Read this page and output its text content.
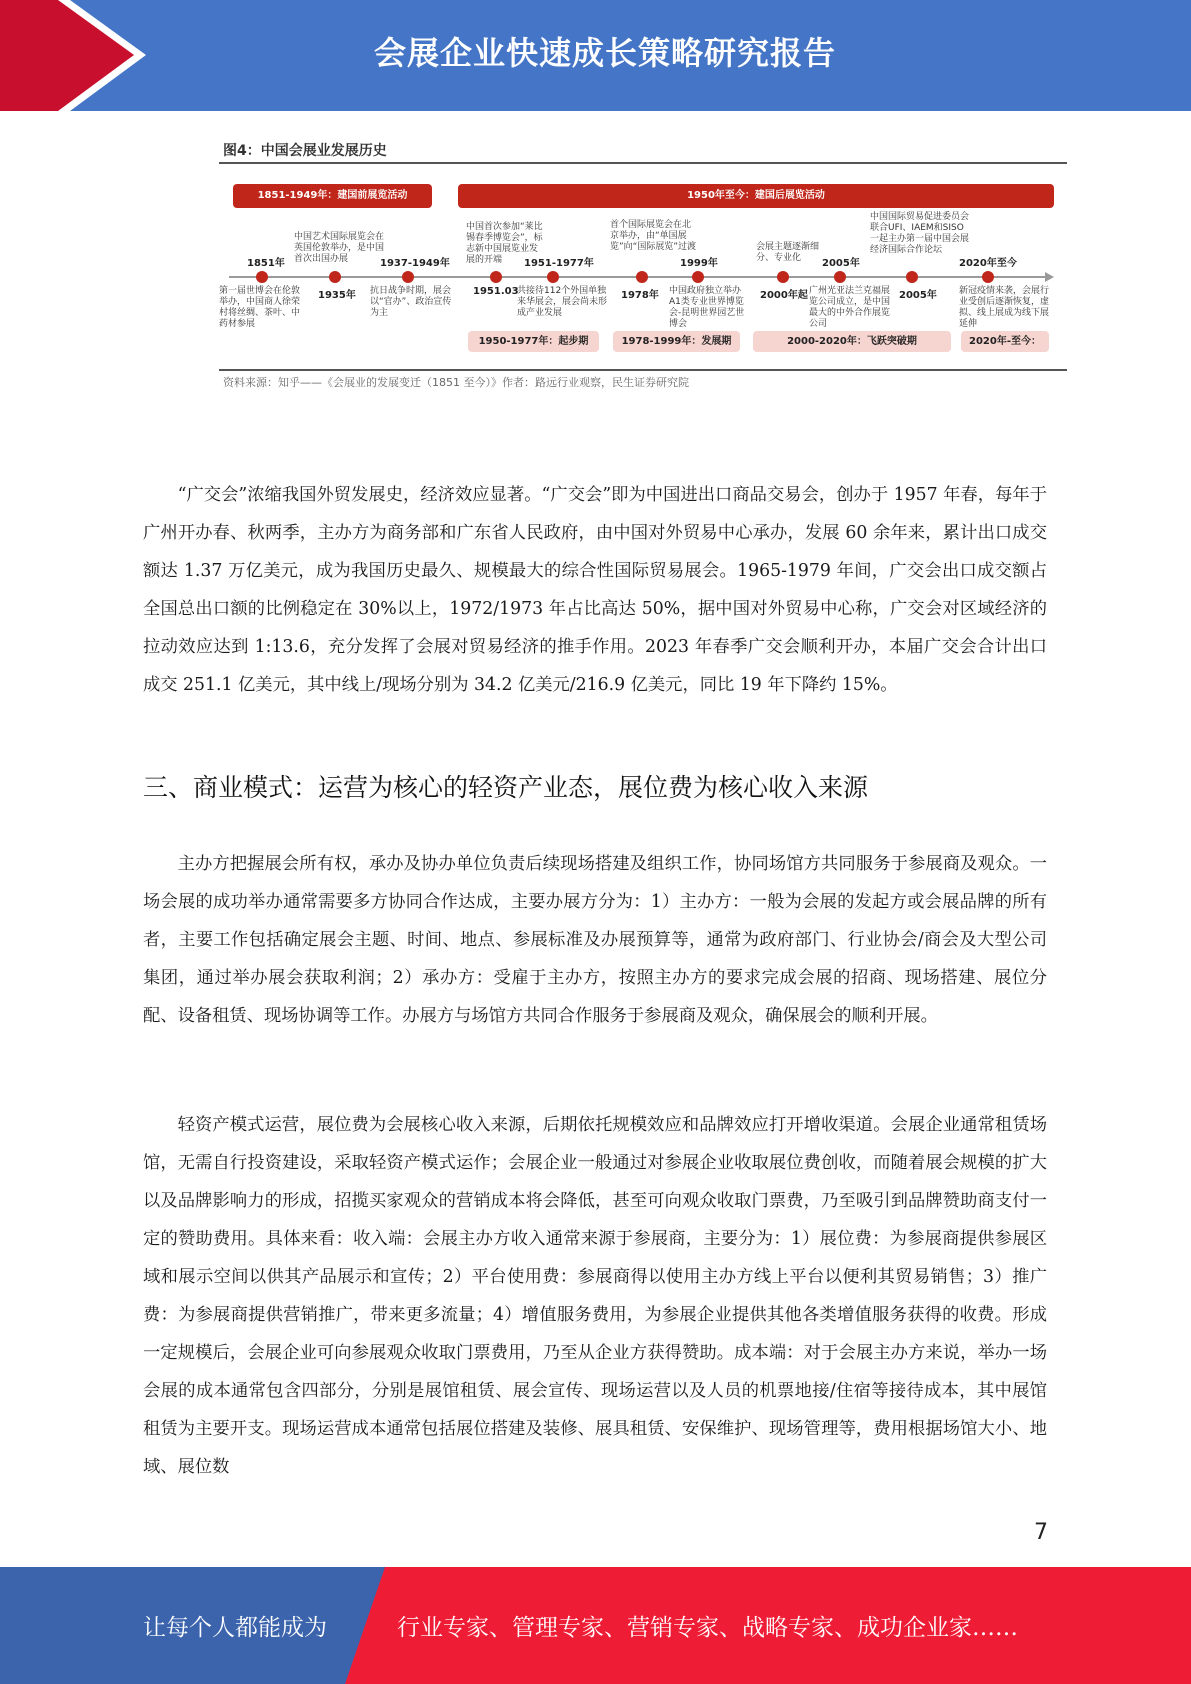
会展企业快速成长策略研究报告
图4：中国会展业发展历史
1851-1949年：建国前展览活动	1950年至今：建国后展览活动
1851年
1935年
1937-1949年
1951.03
1951-1977年
1978年
1999年
2000年起
2005年
2005年
2020年至今
第一届世博会在伦敦举办，中国商人徐荣村将丝绸、茶叶、中药材参展
中国艺术国际展览会在英国伦敦举办，是中国首次出国办展
抗日战争时期，展会以“官办”、政治宣传为主
中国首次参加“莱比锡春季博览会”，标志新中国展览业发展的开端
共接待112个外国单独来华展会，展会尚未形成产业发展
首个国际展览会在北京举办，由“单国展览”向“国际展览”过渡
中国政府独立举办A1类专业世界博览会-昆明世界园艺世博会
会展主题逐渐细分、专业化
广州光亚法兰克福展览公司成立，是中国最大的中外合作展览公司
中国国际贸易促进委员会联合UFI、IAEM和SISO一起主办第一届中国会展经济国际合作论坛
新冠疫情来袭，会展行业受创后逐渐恢复，虚拟、线上展成为线下展延伸
1950-1977年：起步期	1978-1999年：发展期	2000-2020年：飞跃突破期	2020年-至今：
资料来源：知乎——《会展业的发展变迁（1851 至今）》作者：路远行业观察，民生证券研究院

“广交会”浓缩我国外贸发展史，经济效应显著。“广交会”即为中国进出口商品交易会，创办于 1957 年春，每年于广州开办春、秋两季，主办方为商务部和广东省人民政府，由中国对外贸易中心承办，发展 60 余年来，累计出口成交额达 1.37 万亿美元，成为我国历史最久、规模最大的综合性国际贸易展会。1965-1979 年间，广交会出口成交额占全国总出口额的比例稳定在 30%以上，1972/1973 年占比高达 50%，据中国对外贸易中心称，广交会对区域经济的拉动效应达到 1:13.6，充分发挥了会展对贸易经济的推手作用。2023 年春季广交会顺利开办，本届广交会合计出口成交 251.1 亿美元，其中线上/现场分别为 34.2 亿美元/216.9 亿美元，同比 19 年下降约 15%。

三、商业模式：运营为核心的轻资产业态，展位费为核心收入来源

主办方把握展会所有权，承办及协办单位负责后续现场搭建及组织工作，协同场馆方共同服务于参展商及观众。一场会展的成功举办通常需要多方协同合作达成，主要办展方分为：1）主办方：一般为会展的发起方或会展品牌的所有者，主要工作包括确定展会主题、时间、地点、参展标准及办展预算等，通常为政府部门、行业协会/商会及大型公司集团，通过举办展会获取利润；2）承办方：受雇于主办方，按照主办方的要求完成会展的招商、现场搭建、展位分配、设备租赁、现场协调等工作。办展方与场馆方共同合作服务于参展商及观众，确保展会的顺利开展。

轻资产模式运营，展位费为会展核心收入来源，后期依托规模效应和品牌效应打开增收渠道。会展企业通常租赁场馆，无需自行投资建设，采取轻资产模式运作；会展企业一般通过对参展企业收取展位费创收，而随着展会规模的扩大以及品牌影响力的形成，招揽买家观众的营销成本将会降低，甚至可向观众收取门票费，乃至吸引到品牌赞助商支付一定的赞助费用。具体来看：收入端：会展主办方收入通常来源于参展商，主要分为：1）展位费：为参展商提供参展区域和展示空间以供其产品展示和宣传；2）平台使用费：参展商得以使用主办方线上平台以便利其贸易销售；3）推广费：为参展商提供营销推广，带来更多流量；4）增值服务费用，为参展企业提供其他各类增值服务获得的收费。形成一定规模后，会展企业可向参展观众收取门票费用，乃至从企业方获得赞助。成本端：对于会展主办方来说，举办一场会展的成本通常包含四部分，分别是展馆租赁、展会宣传、现场运营以及人员的机票地接/住宿等接待成本，其中展馆租赁为主要开支。现场运营成本通常包括展位搭建及装修、展具租赁、安保维护、现场管理等，费用根据场馆大小、地域、展位数

7
让每个人都能成为	行业专家、管理专家、营销专家、战略专家、成功企业家……
